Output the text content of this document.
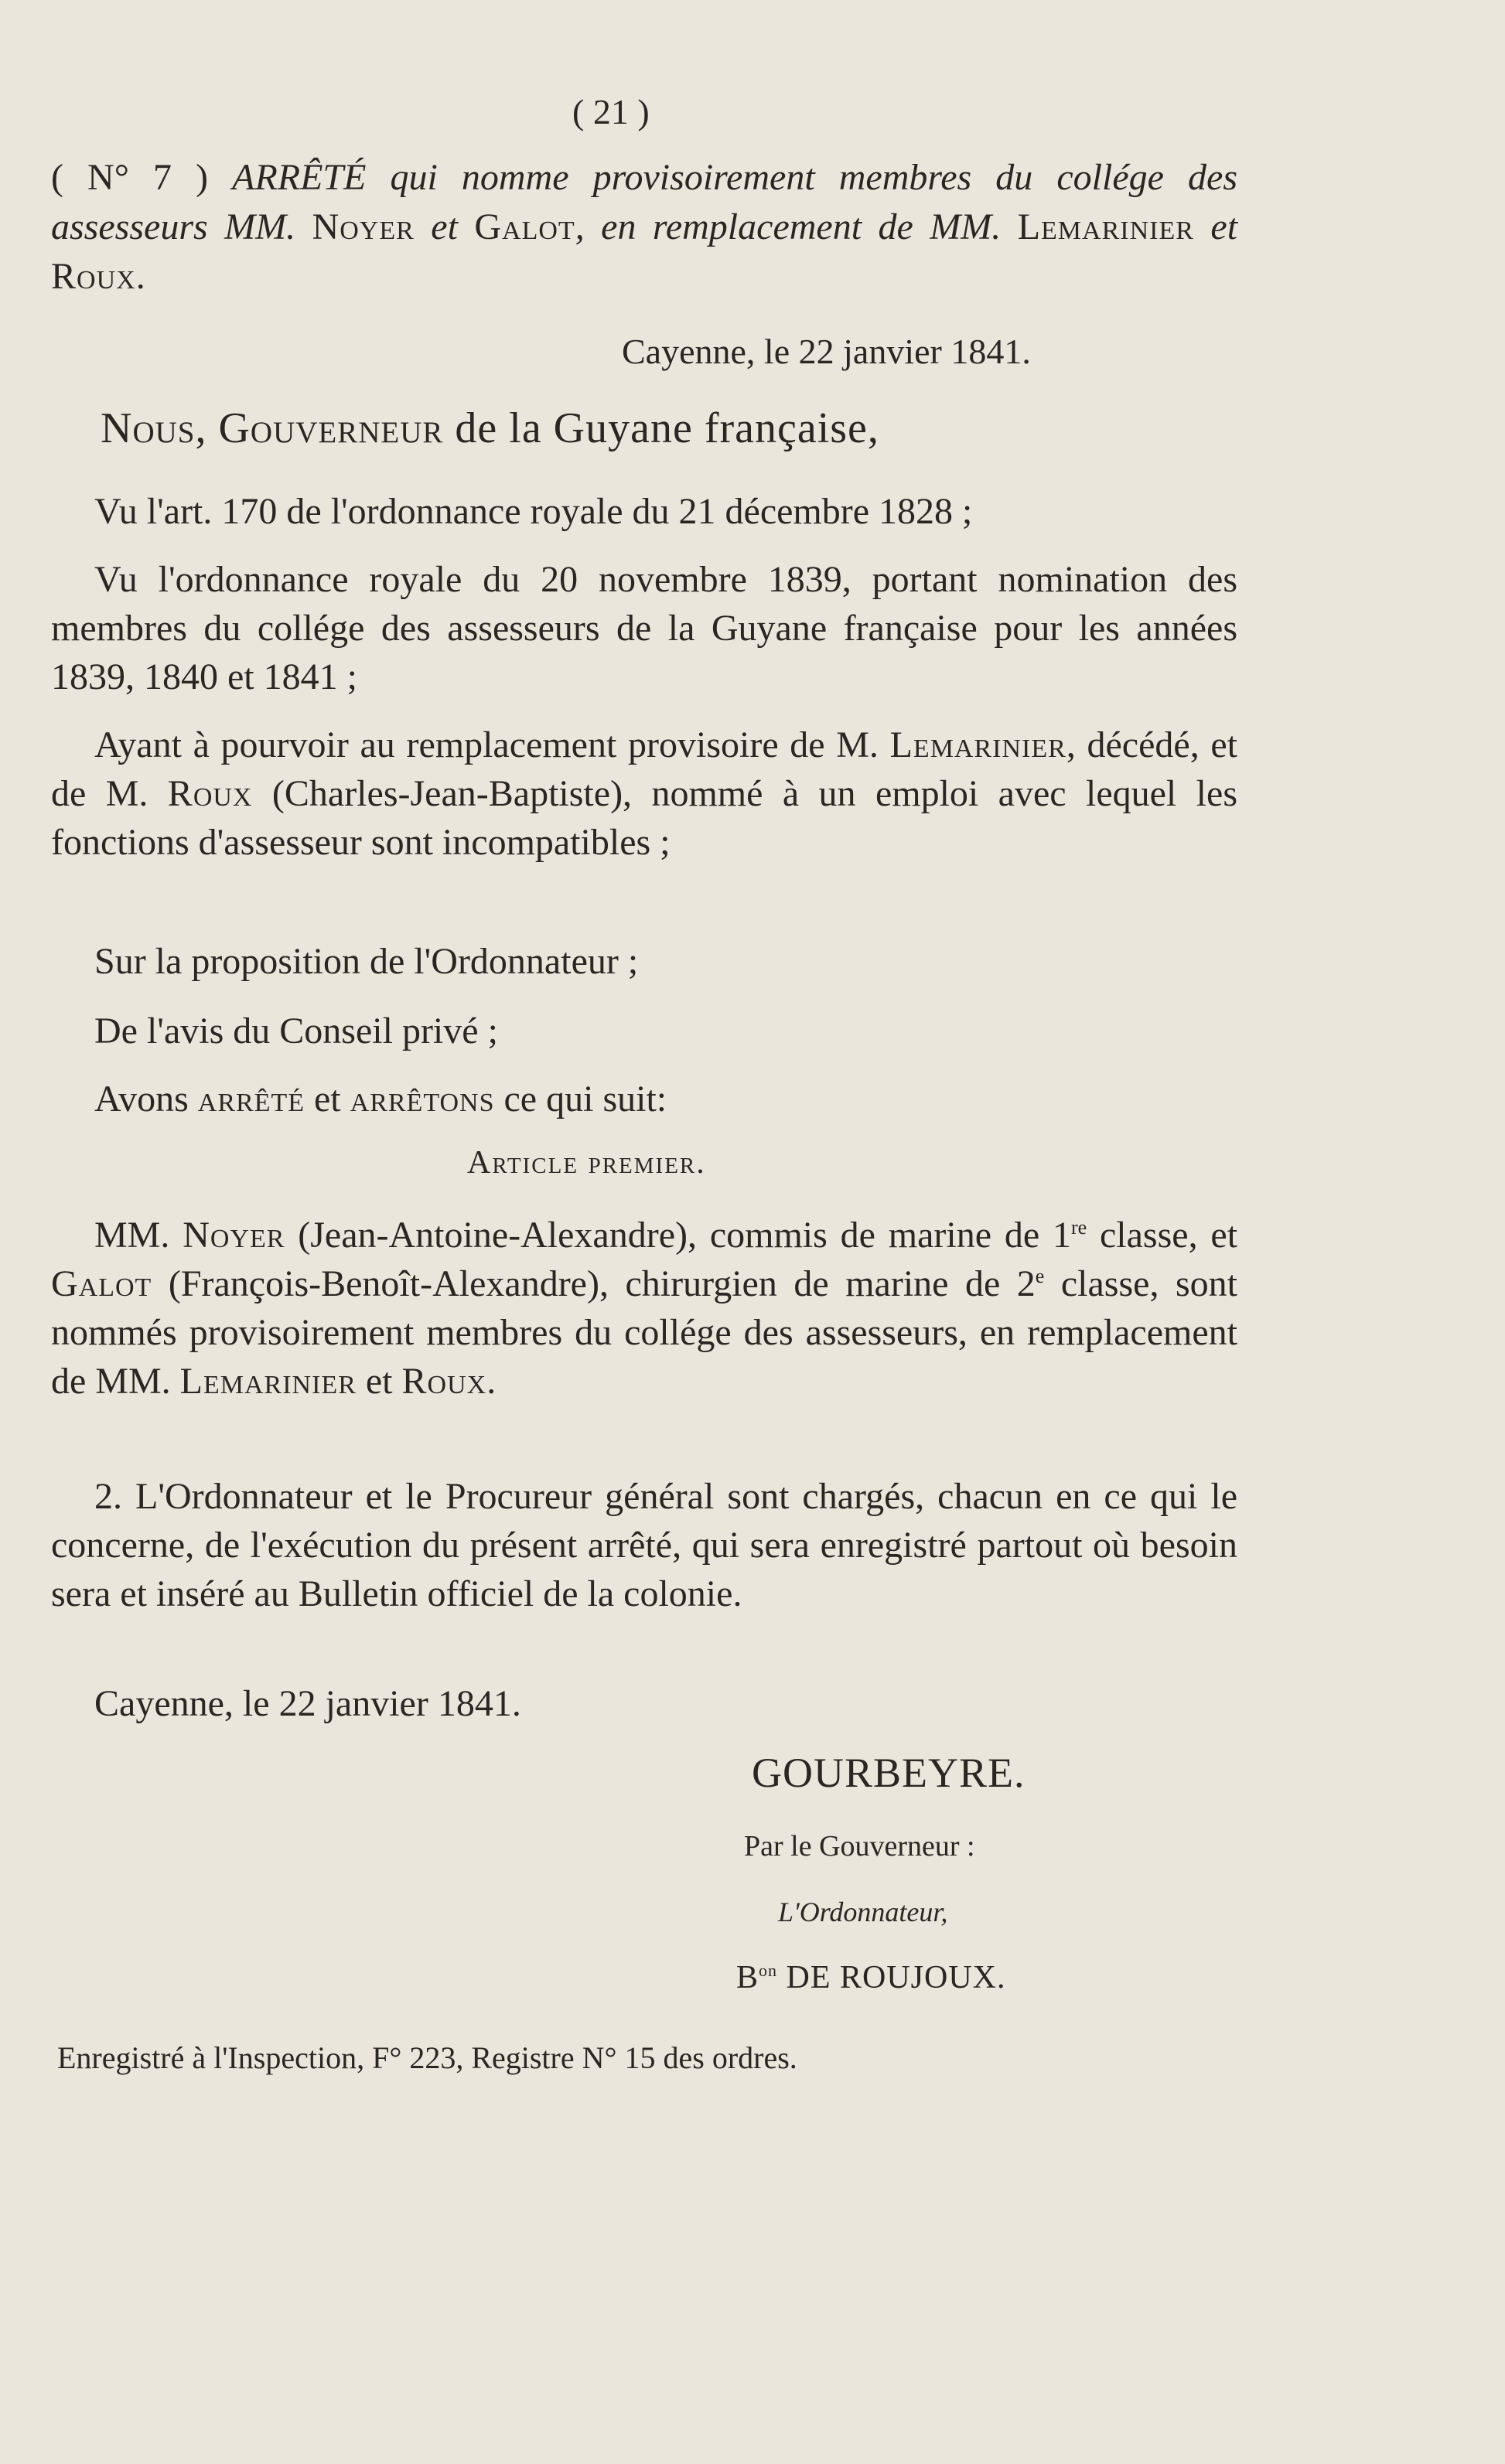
( 21 )

( N° 7 ) ARRÊTÉ qui nomme provisoirement membres du collége des assesseurs MM. Noyer et Galot, en remplacement de MM. Lemarinier et Roux.

Cayenne, le 22 janvier 1841.
Nous, Gouverneur de la Guyane française,

Vu l'art. 170 de l'ordonnance royale du 21 décembre 1828 ;

Vu l'ordonnance royale du 20 novembre 1839, portant nomination des membres du collége des assesseurs de la Guyane française pour les années 1839, 1840 et 1841 ;

Ayant à pourvoir au remplacement provisoire de M. Lemarinier, décédé, et de M. Roux (Charles-Jean-Baptiste), nommé à un emploi avec lequel les fonctions d'assesseur sont incompatibles ;

Sur la proposition de l'Ordonnateur ;

De l'avis du Conseil privé ;

Avons arrêté et arrêtons ce qui suit:

Article premier.

MM. Noyer (Jean-Antoine-Alexandre), commis de marine de 1re classe, et Galot (François-Benoît-Alexandre), chirurgien de marine de 2e classe, sont nommés provisoirement membres du collége des assesseurs, en remplacement de MM. Lemarinier et Roux.

2. L'Ordonnateur et le Procureur général sont chargés, chacun en ce qui le concerne, de l'exécution du présent arrêté, qui sera enregistré partout où besoin sera et inséré au Bulletin officiel de la colonie.

Cayenne, le 22 janvier 1841.

GOURBEYRE.
Par le Gouverneur :
L'Ordonnateur,
$B^{on}$ DE ROUJOUX.
Enregistré à l'Inspection, F° 223, Registre N° 15 des ordres.
